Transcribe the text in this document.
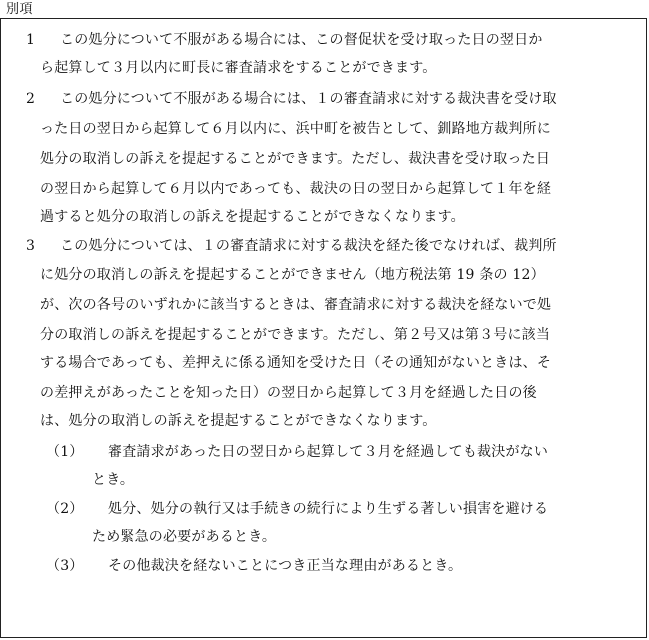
別項
1 この処分について不服がある場合には、この督促状を受け取った日の翌日か
ら起算して３月以内に町長に審査請求をすることができます。
2 この処分について不服がある場合には、１の審査請求に対する裁決書を受け取
った日の翌日から起算して６月以内に、浜中町を被告として、釧路地方裁判所に
処分の取消しの訴えを提起することができます。ただし、裁決書を受け取った日
の翌日から起算して６月以内であっても、裁決の日の翌日から起算して１年を経
過すると処分の取消しの訴えを提起することができなくなります。
3 この処分については、１の審査請求に対する裁決を経た後でなければ、裁判所
に処分の取消しの訴えを提起することができません（地方税法第 19 条の 12）
が、次の各号のいずれかに該当するときは、審査請求に対する裁決を経ないで処
分の取消しの訴えを提起することができます。ただし、第２号又は第３号に該当
する場合であっても、差押えに係る通知を受けた日（その通知がないときは、そ
の差押えがあったことを知った日）の翌日から起算して３月を経過した日の後
は、処分の取消しの訴えを提起することができなくなります。
（1） 審査請求があった日の翌日から起算して３月を経過しても裁決がない
とき。
（2） 処分、処分の執行又は手続きの続行により生ずる著しい損害を避ける
ため緊急の必要があるとき。
（3） その他裁決を経ないことにつき正当な理由があるとき。
